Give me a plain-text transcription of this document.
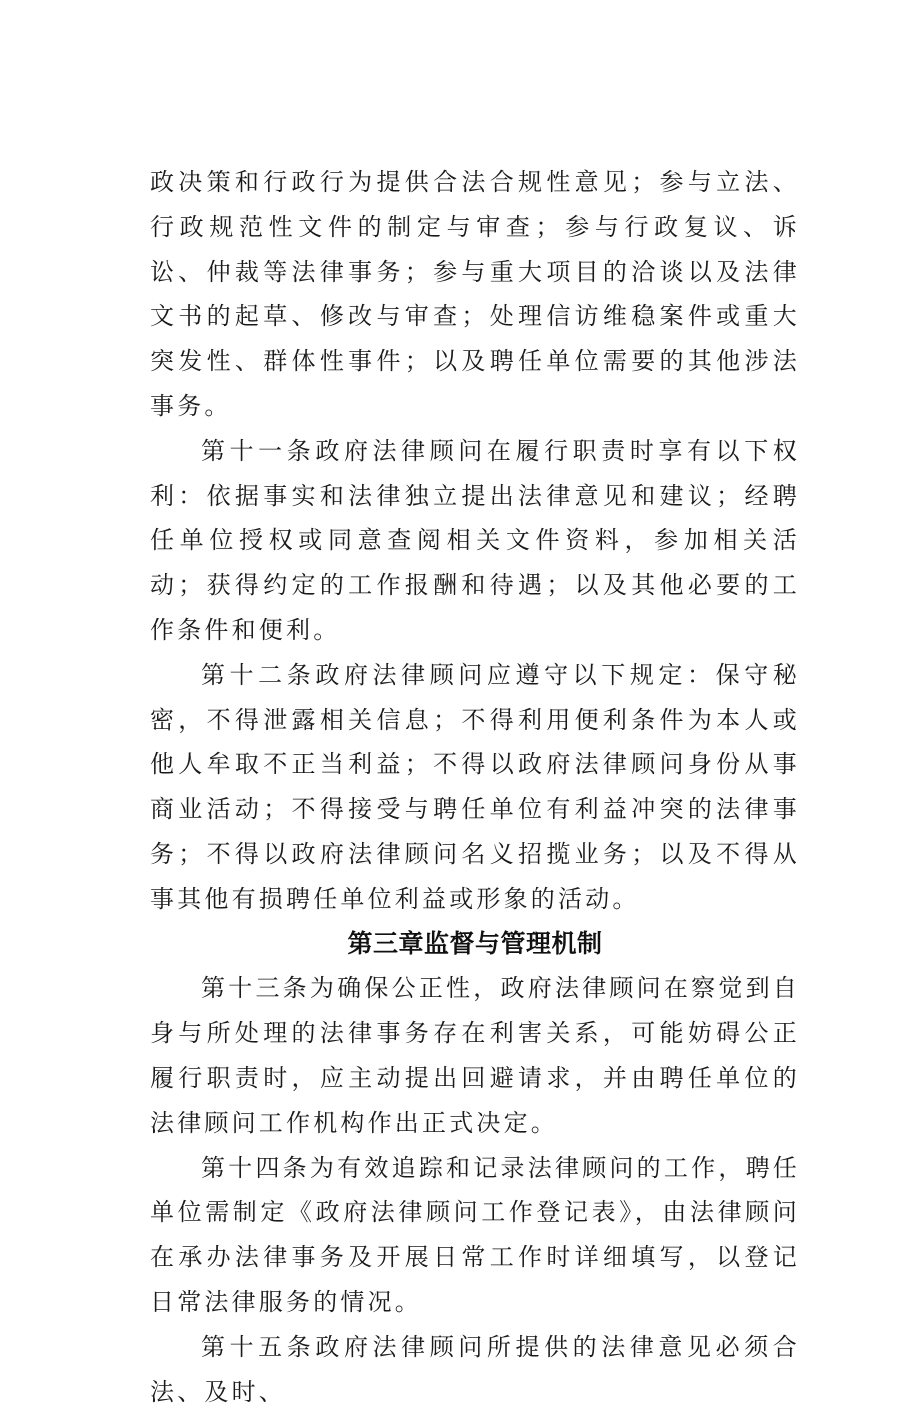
政决策和行政行为提供合法合规性意见；参与立法、行政规范性文件的制定与审查；参与行政复议、诉讼、仲裁等法律事务；参与重大项目的洽谈以及法律文书的起草、修改与审查；处理信访维稳案件或重大突发性、群体性事件；以及聘任单位需要的其他涉法事务。

第十一条政府法律顾问在履行职责时享有以下权利：依据事实和法律独立提出法律意见和建议；经聘任单位授权或同意查阅相关文件资料，参加相关活动；获得约定的工作报酬和待遇；以及其他必要的工作条件和便利。

第十二条政府法律顾问应遵守以下规定：保守秘密，不得泄露相关信息；不得利用便利条件为本人或他人牟取不正当利益；不得以政府法律顾问身份从事商业活动；不得接受与聘任单位有利益冲突的法律事务；不得以政府法律顾问名义招揽业务；以及不得从事其他有损聘任单位利益或形象的活动。

第三章监督与管理机制

第十三条为确保公正性，政府法律顾问在察觉到自身与所处理的法律事务存在利害关系，可能妨碍公正履行职责时，应主动提出回避请求，并由聘任单位的法律顾问工作机构作出正式决定。

第十四条为有效追踪和记录法律顾问的工作，聘任单位需制定《政府法律顾问工作登记表》，由法律顾问在承办法律事务及开展日常工作时详细填写，以登记日常法律服务的情况。

第十五条政府法律顾问所提供的法律意见必须合法、及时、
